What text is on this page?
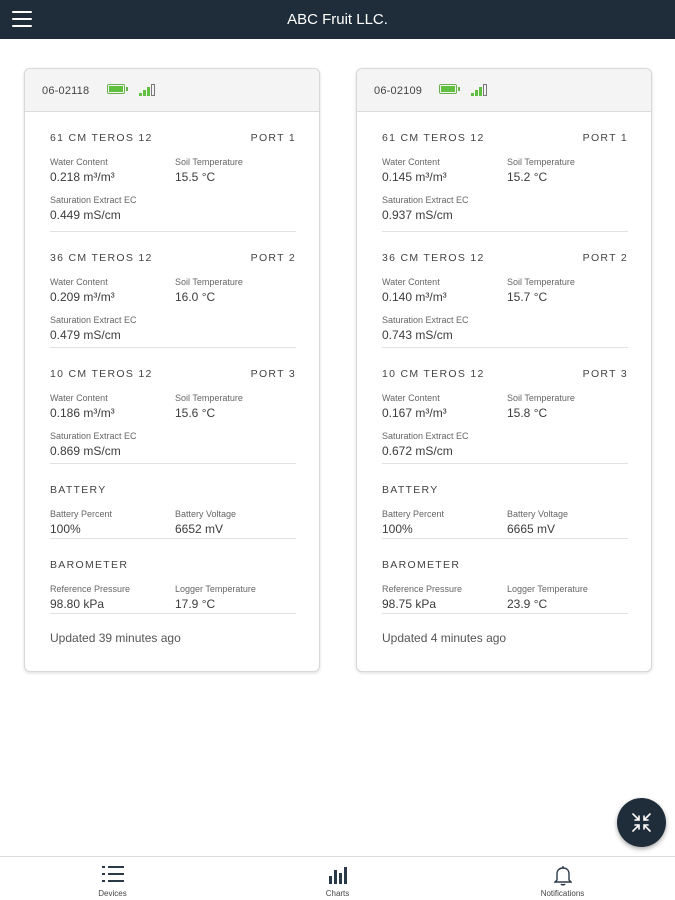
ABC Fruit LLC.
06-02118
61 CM TEROS 12	PORT 1
Water Content
0.218 m³/m³
Soil Temperature
15.5 °C
Saturation Extract EC
0.449 mS/cm
36 CM TEROS 12	PORT 2
Water Content
0.209 m³/m³
Soil Temperature
16.0 °C
Saturation Extract EC
0.479 mS/cm
10 CM TEROS 12	PORT 3
Water Content
0.186 m³/m³
Soil Temperature
15.6 °C
Saturation Extract EC
0.869 mS/cm
BATTERY
Battery Percent
100%
Battery Voltage
6652 mV
BAROMETER
Reference Pressure
98.80 kPa
Logger Temperature
17.9 °C
Updated 39 minutes ago
06-02109
61 CM TEROS 12	PORT 1
Water Content
0.145 m³/m³
Soil Temperature
15.2 °C
Saturation Extract EC
0.937 mS/cm
36 CM TEROS 12	PORT 2
Water Content
0.140 m³/m³
Soil Temperature
15.7 °C
Saturation Extract EC
0.743 mS/cm
10 CM TEROS 12	PORT 3
Water Content
0.167 m³/m³
Soil Temperature
15.8 °C
Saturation Extract EC
0.672 mS/cm
BATTERY
Battery Percent
100%
Battery Voltage
6665 mV
BAROMETER
Reference Pressure
98.75 kPa
Logger Temperature
23.9 °C
Updated 4 minutes ago
Devices	Charts	Notifications
